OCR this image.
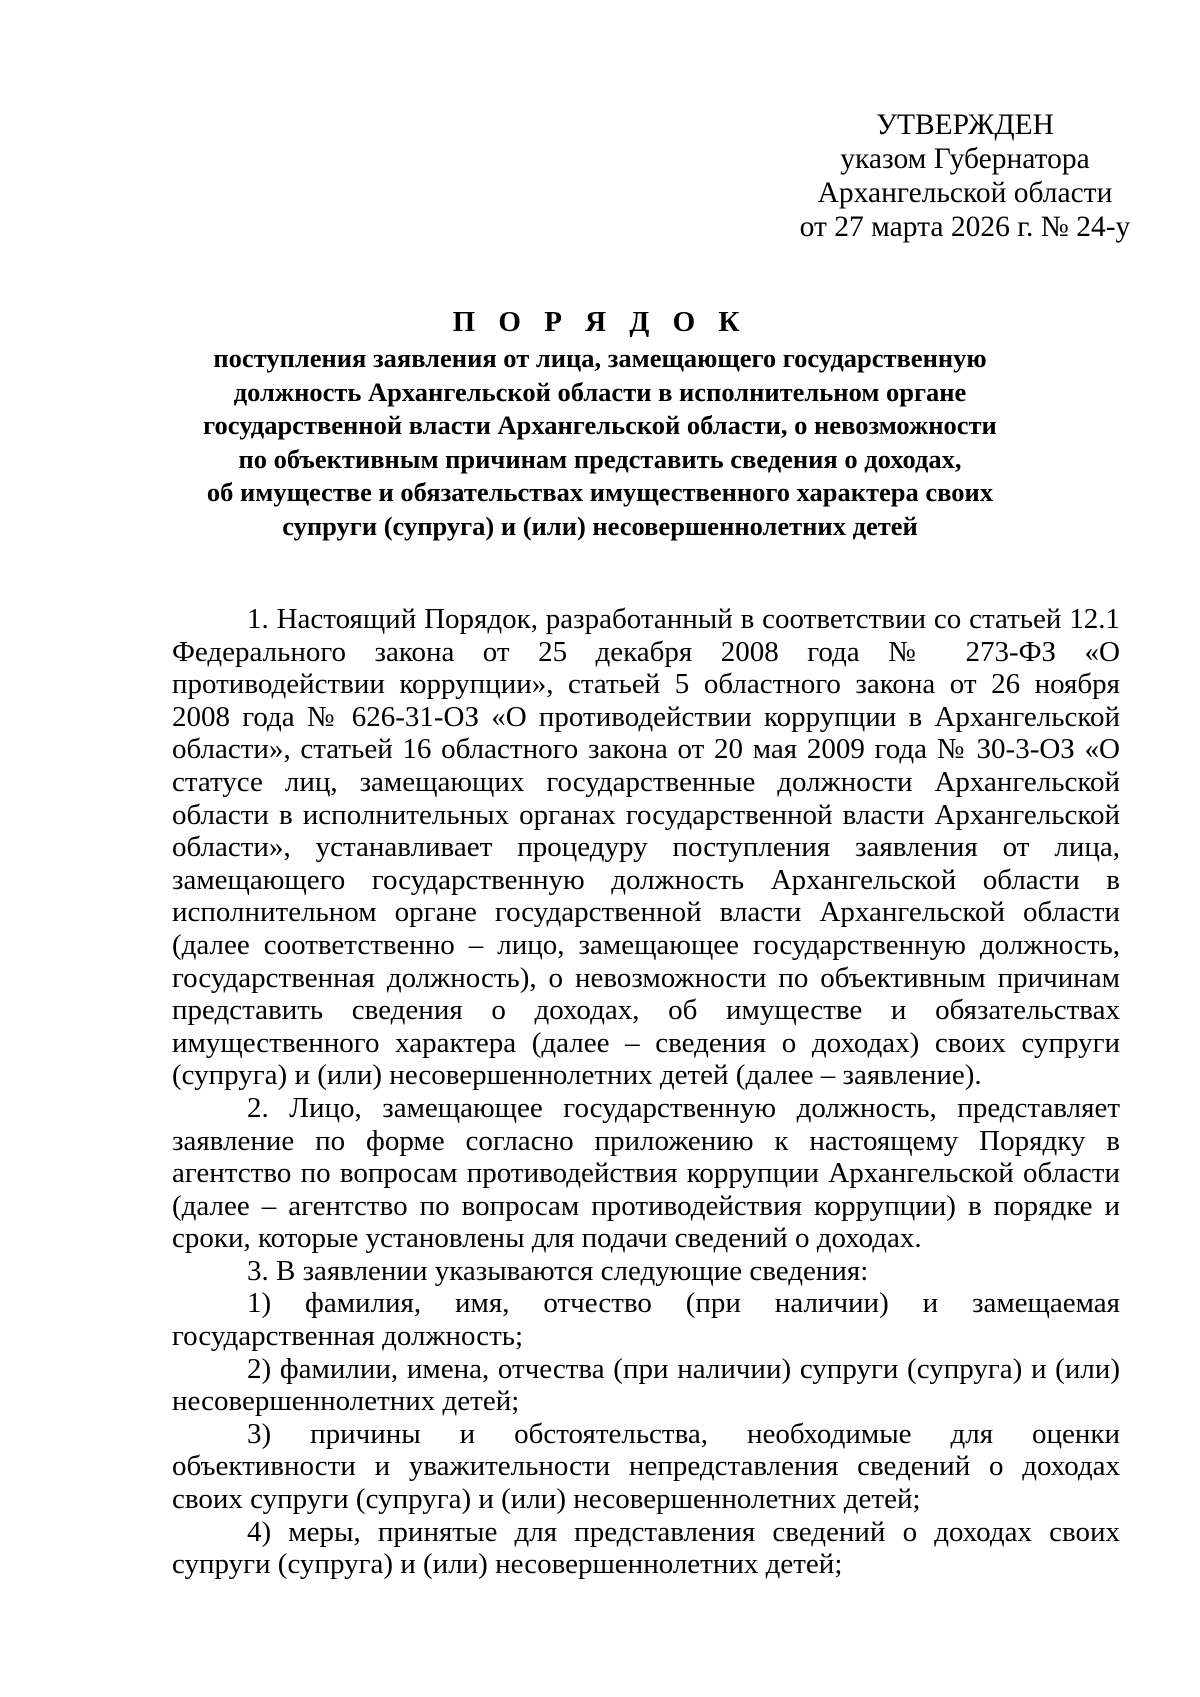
УТВЕРЖДЕН
указом Губернатора
Архангельской области
от 27 марта 2026 г. № 24-у
П О Р Я Д О К
поступления заявления от лица, замещающего государственную
должность Архангельской области в исполнительном органе
государственной власти Архангельской области, о невозможности
по объективным причинам представить сведения о доходах,
об имуществе и обязательствах имущественного характера своих
супруги (супруга) и (или) несовершеннолетних детей

1. Настоящий Порядок, разработанный в соответствии со статьей 12.1 Федерального закона от 25 декабря 2008 года № 273-ФЗ «О противодействии коррупции», статьей 5 областного закона от 26 ноября 2008 года № 626-31-ОЗ «О противодействии коррупции в Архангельской области», статьей 16 областного закона от 20 мая 2009 года № 30-3-ОЗ «О статусе лиц, замещающих государственные должности Архангельской области в исполнительных органах государственной власти Архангельской области», устанавливает процедуру поступления заявления от лица, замещающего государственную должность Архангельской области в исполнительном органе государственной власти Архангельской области (далее соответственно – лицо, замещающее государственную должность, государственная должность), о невозможности по объективным причинам представить сведения о доходах, об имуществе и обязательствах имущественного характера (далее – сведения о доходах) своих супруги (супруга) и (или) несовершеннолетних детей (далее – заявление).

2. Лицо, замещающее государственную должность, представляет заявление по форме согласно приложению к настоящему Порядку в агентство по вопросам противодействия коррупции Архангельской области (далее – агентство по вопросам противодействия коррупции) в порядке и сроки, которые установлены для подачи сведений о доходах.

3. В заявлении указываются следующие сведения:

1) фамилия, имя, отчество (при наличии) и замещаемая государственная должность;

2) фамилии, имена, отчества (при наличии) супруги (супруга) и (или) несовершеннолетних детей;

3) причины и обстоятельства, необходимые для оценки объективности и уважительности непредставления сведений о доходах своих супруги (супруга) и (или) несовершеннолетних детей;

4) меры, принятые для представления сведений о доходах своих супруги (супруга) и (или) несовершеннолетних детей;
